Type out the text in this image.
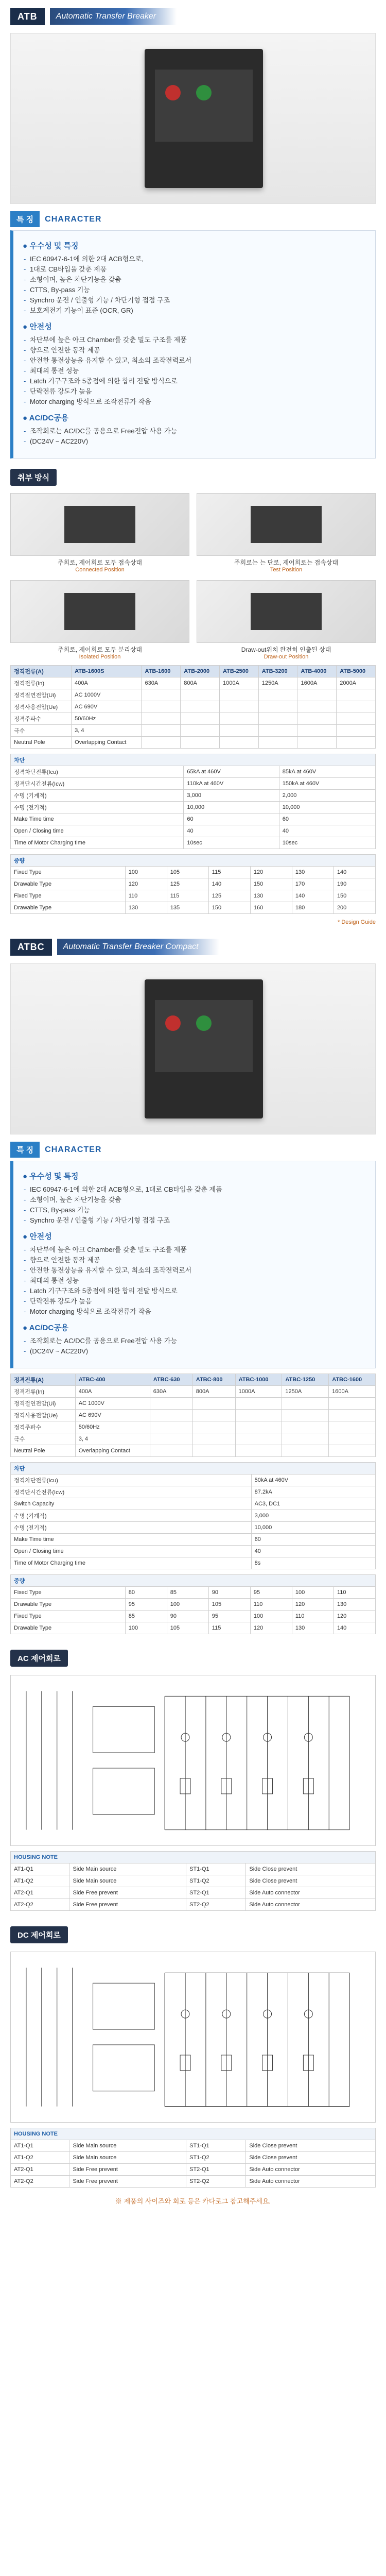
ATB	Automatic Transfer Breaker
특 징	CHARACTER
● 우수성 및 특징
- IEC 60947-6-1에 의한 2대 ACB형으로,
- 1대로 CB타입을 갖춘 제품
- 소형이며, 높은 차단기능을 갖춤
- CTTS, By-pass 기능
- Synchro 운전 / 인출형 기능 / 차단기형 접점 구조
- 보호계전기 기능이 표준 (OCR, GR)
● 안전성
- 차단부에 높은 아크 Chamber를 갖춘 밀도 구조를 제품
- 향으로 안전한 동작 제공
- 안전한 통전상능을 유지할 수 있고, 최소의 조작전력로서
- 최대의 통전 성능
- Latch 기구구조와 5종점에 의한 합리 전달 방식으로
- 단락전류 강도가 높음
- Motor charging 방식으로 조작전류가 작음
● AC/DC공용
- 조작회로는 AC/DC를 공용으로 Free전압 사용 가능
- (DC24V ~ AC220V)
취부 방식
주회로, 제어회로 모두 접속상태
Connected Position
주회로는 는 단로, 제어회로는 접속상태
Test Position
주회로, 제어회로 모두 분리상태
Isolated Position
Draw-out위치 완전히 인출된 상태
Draw-out Position
정격전류(A)	ATB-1600S	ATB-1600	ATB-2000	ATB-2500	ATB-3200	ATB-4000	ATB-5000
정격전류(In)	400A	630A	800A	1000A	1250A	1600A	2000A
정격절연전압(Ui)	AC 1000V						
정격사용전압(Ue)	AC 690V						
정격주파수	50/60Hz						
극수	3, 4						
Neutral Pole	Overlapping Contact						
차단		
정격차단전류(Icu)	65kA at 460V	85kA at 460V
정격단시간전류(Icw)	110kA at 460V	150kA at 460V
수명 (기계적)	3,000	2,000
수명 (전기적)	10,000	10,000
Make Time time	60	60
Open / Closing time	40	40
Time of Motor Charging time	10sec	10sec
중량						
Fixed Type	100	105	115	120	130	140
Drawable Type	120	125	140	150	170	190
Fixed Type	110	115	125	130	140	150
Drawable Type	130	135	150	160	180	200
* Design Guide
ATBC	Automatic Transfer Breaker Compact
특 징	CHARACTER
● 우수성 및 특징
- IEC 60947-6-1에 의한 2대 ACB형으로, 1대로 CB타입을 갖춘 제품
- 소형이며, 높은 차단기능을 갖춤
- CTTS, By-pass 기능
- Synchro 운전 / 인출형 기능 / 차단기형 접점 구조
● 안전성
- 차단부에 높은 아크 Chamber를 갖춘 밀도 구조를 제품
- 향으로 안전한 동작 제공
- 안전한 통전상능을 유지할 수 있고, 최소의 조작전력로서
- 최대의 통전 성능
- Latch 기구구조와 5종점에 의한 합리 전달 방식으로
- 단락전류 강도가 높음
- Motor charging 방식으로 조작전류가 작음
● AC/DC공용
- 조작회로는 AC/DC를 공용으로 Free전압 사용 가능
- (DC24V ~ AC220V)
정격전류(A)	ATBC-400	ATBC-630	ATBC-800	ATBC-1000	ATBC-1250	ATBC-1600
정격전류(In)	400A	630A	800A	1000A	1250A	1600A
정격절연전압(Ui)	AC 1000V					
정격사용전압(Ue)	AC 690V					
정격주파수	50/60Hz					
극수	3, 4					
Neutral Pole	Overlapping Contact					
차단	
정격차단전류(Icu)	50kA at 460V
정격단시간전류(Icw)	87.2kA
Switch Capacity	AC3, DC1
수명 (기계적)	3,000
수명 (전기적)	10,000
Make Time time	60
Open / Closing time	40
Time of Motor Charging time	8s
중량						
Fixed Type	80	85	90	95	100	110
Drawable Type	95	100	105	110	120	130
Fixed Type	85	90	95	100	110	120
Drawable Type	100	105	115	120	130	140
AC 제어회로
HOUSING NOTE			
AT1-Q1	Side Main source	ST1-Q1	Side Close prevent
AT1-Q2	Side Main source	ST1-Q2	Side Close prevent
AT2-Q1	Side Free prevent	ST2-Q1	Side Auto connector
AT2-Q2	Side Free prevent	ST2-Q2	Side Auto connector
DC 제어회로
HOUSING NOTE			
AT1-Q1	Side Main source	ST1-Q1	Side Close prevent
AT1-Q2	Side Main source	ST1-Q2	Side Close prevent
AT2-Q1	Side Free prevent	ST2-Q1	Side Auto connector
AT2-Q2	Side Free prevent	ST2-Q2	Side Auto connector
※ 제품의 사이즈와 회로 등은 카다로그 참고해주세요.
